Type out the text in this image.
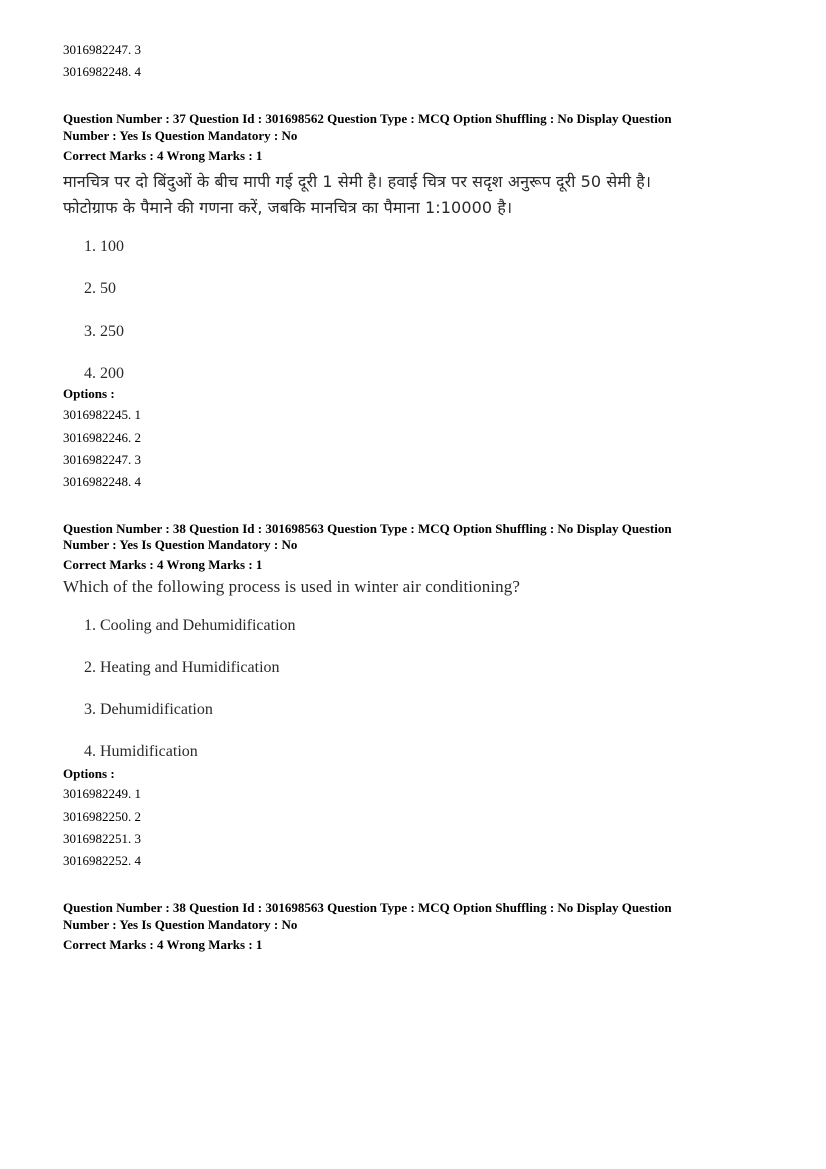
3016982247. 3
3016982248. 4
Question Number : 37 Question Id : 301698562 Question Type : MCQ Option Shuffling : No Display Question
Number : Yes Is Question Mandatory : No
Correct Marks : 4 Wrong Marks : 1
मानचित्र पर दो बिंदुओं के बीच मापी गई दूरी 1 सेमी है। हवाई चित्र पर सदृश अनुरूप दूरी 50 सेमी है।
फोटोग्राफ के पैमाने की गणना करें, जबकि मानचित्र का पैमाना 1:10000 है।
1. 100
2. 50
3. 250
4. 200
Options :
3016982245. 1
3016982246. 2
3016982247. 3
3016982248. 4
Question Number : 38 Question Id : 301698563 Question Type : MCQ Option Shuffling : No Display Question
Number : Yes Is Question Mandatory : No
Correct Marks : 4 Wrong Marks : 1
Which of the following process is used in winter air conditioning?
1. Cooling and Dehumidification
2. Heating and Humidification
3. Dehumidification
4. Humidification
Options :
3016982249. 1
3016982250. 2
3016982251. 3
3016982252. 4
Question Number : 38 Question Id : 301698563 Question Type : MCQ Option Shuffling : No Display Question
Number : Yes Is Question Mandatory : No
Correct Marks : 4 Wrong Marks : 1
